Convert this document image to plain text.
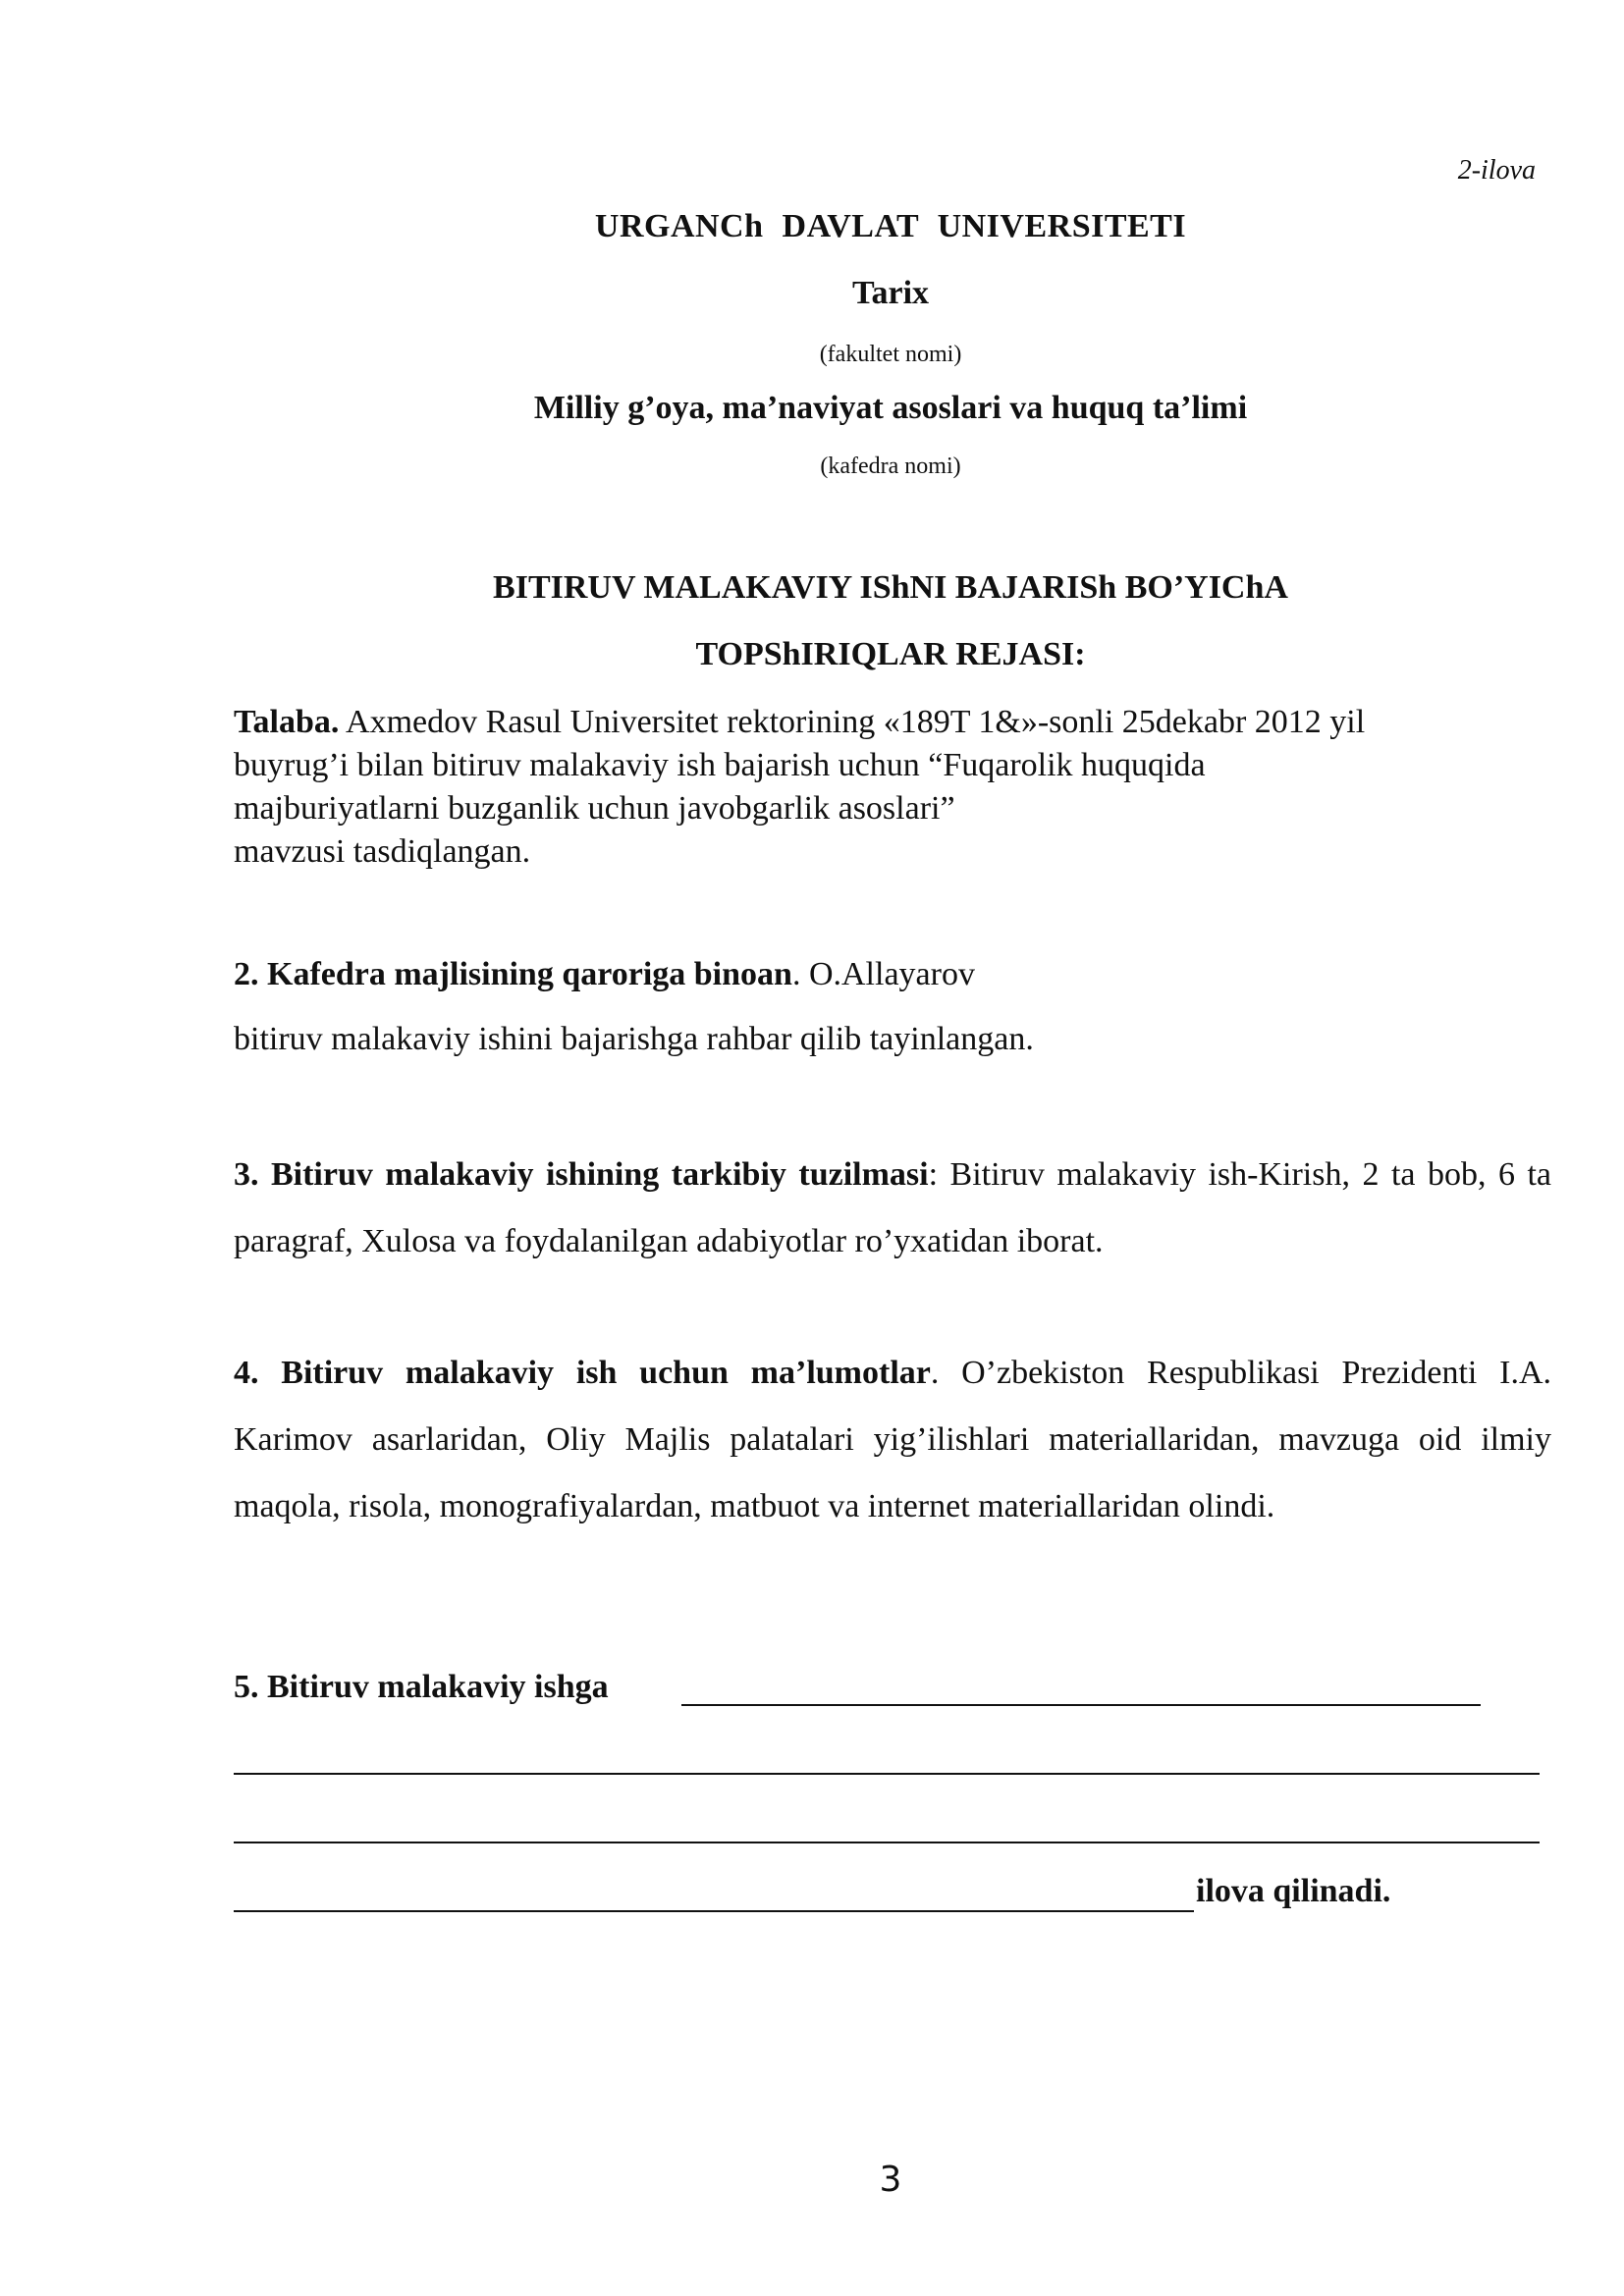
2-ilova
URGANCh DAVLAT UNIVERSITETI
Tarix
(fakultet nomi)
Milliy g’oya, ma’naviyat asoslari va huquq ta’limi
(kafedra nomi)
BITIRUV MALAKAVIY IShNI BAJARISh BO’YIChA
TOPShIRIQLAR REJASI:
Talaba. Axmedov Rasul Universitet rektorining «189T 1&»-sonli 25dekabr 2012 yil
buyrug’i bilan bitiruv malakaviy ish bajarish uchun “Fuqarolik huquqida
majburiyatlarni buzganlik uchun javobgarlik asoslari”
mavzusi tasdiqlangan.
2. Kafedra majlisining qaroriga binoan. O.Allayarov
bitiruv malakaviy ishini bajarishga rahbar qilib tayinlangan.
3. Bitiruv malakaviy ishining tarkibiy tuzilmasi: Bitiruv malakaviy ish-Kirish, 2 ta bob, 6 ta paragraf, Xulosa va foydalanilgan adabiyotlar ro’yxatidan iborat.
4. Bitiruv malakaviy ish uchun ma’lumotlar. O’zbekiston Respublikasi Prezidenti I.A. Karimov asarlaridan, Oliy Majlis palatalari yig’ilishlari materiallaridan, mavzuga oid ilmiy maqola, risola, monografiyalardan, matbuot va internet materiallaridan olindi.
5. Bitiruv malakaviy ishga
ilova qilinadi.
3
